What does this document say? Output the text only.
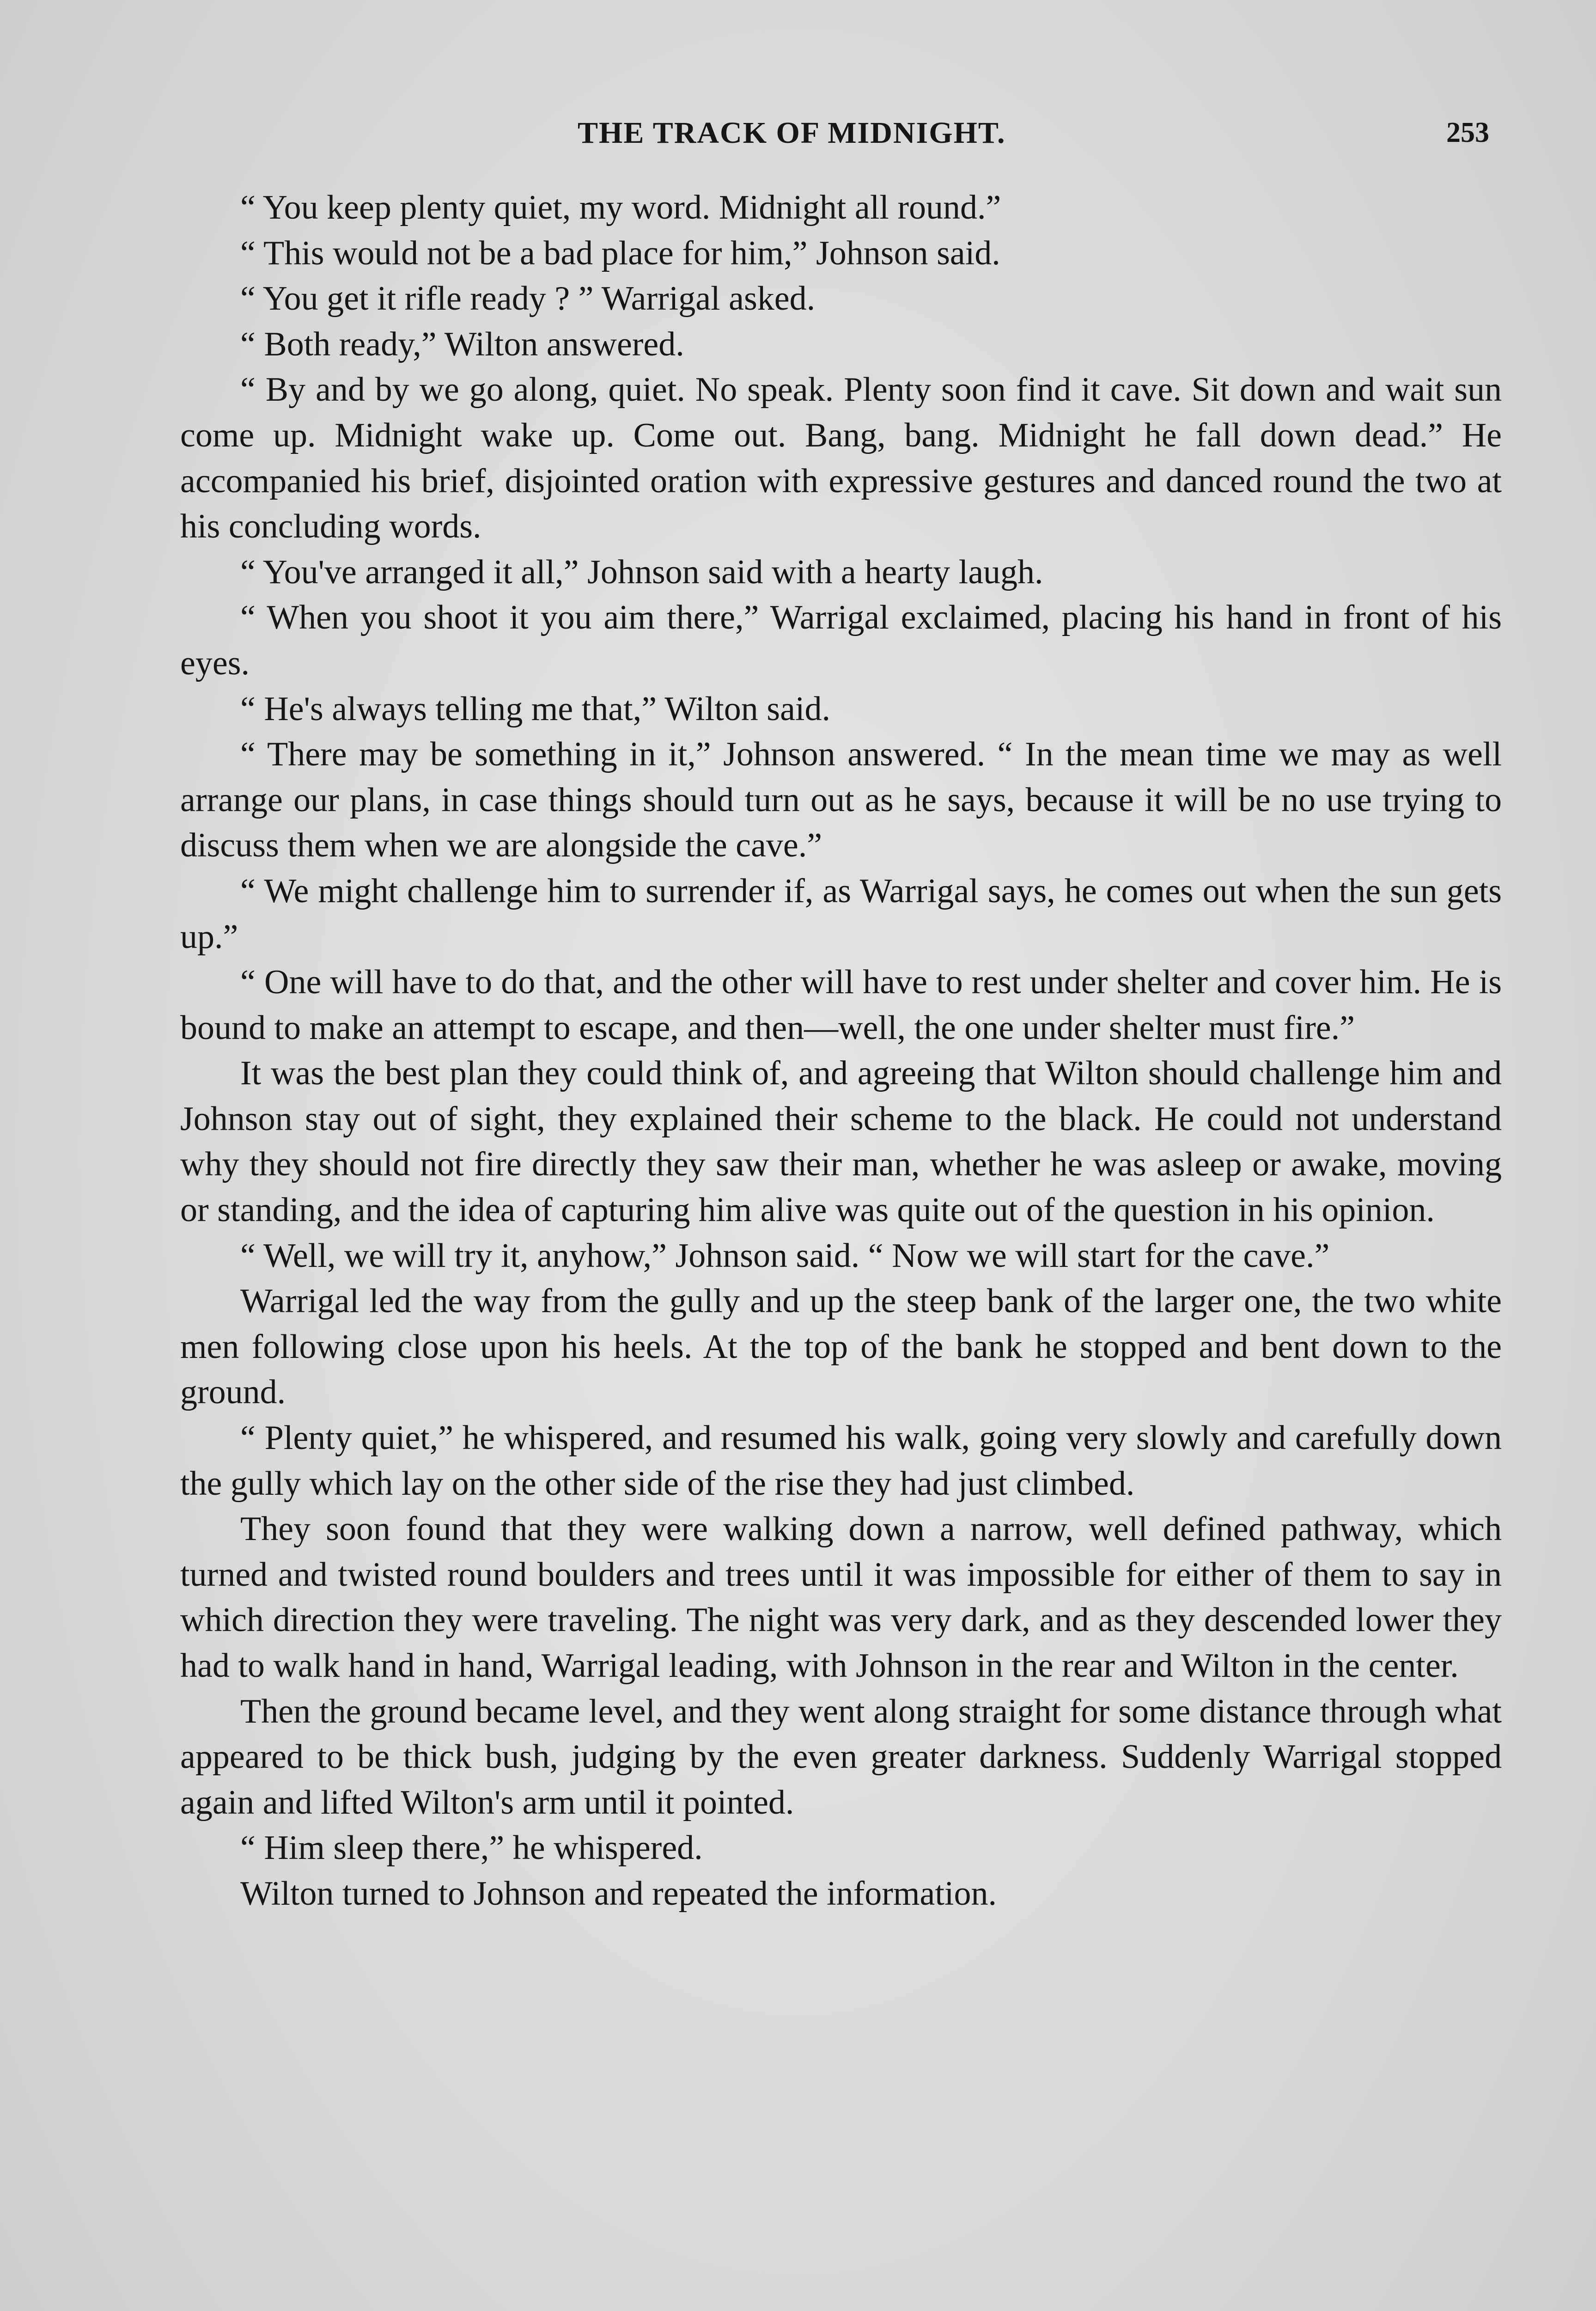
THE TRACK OF MIDNIGHT.	253

“ You keep plenty quiet, my word. Midnight all round.”

“ This would not be a bad place for him,” Johnson said.

“ You get it rifle ready ? ” Warrigal asked.

“ Both ready,” Wilton answered.

“ By and by we go along, quiet. No speak. Plenty soon find it cave. Sit down and wait sun come up. Midnight wake up. Come out. Bang, bang. Midnight he fall down dead.” He accompanied his brief, disjointed oration with expressive gestures and danced round the two at his concluding words.

“ You've arranged it all,” Johnson said with a hearty laugh.

“ When you shoot it you aim there,” Warrigal exclaimed, placing his hand in front of his eyes.

“ He's always telling me that,” Wilton said.

“ There may be something in it,” Johnson answered. “ In the mean time we may as well arrange our plans, in case things should turn out as he says, because it will be no use trying to discuss them when we are alongside the cave.”

“ We might challenge him to surrender if, as Warrigal says, he comes out when the sun gets up.”

“ One will have to do that, and the other will have to rest under shelter and cover him. He is bound to make an attempt to escape, and then—well, the one under shelter must fire.”

It was the best plan they could think of, and agreeing that Wilton should challenge him and Johnson stay out of sight, they explained their scheme to the black. He could not understand why they should not fire directly they saw their man, whether he was asleep or awake, moving or standing, and the idea of capturing him alive was quite out of the question in his opinion.

“ Well, we will try it, anyhow,” Johnson said. “ Now we will start for the cave.”

Warrigal led the way from the gully and up the steep bank of the larger one, the two white men following close upon his heels. At the top of the bank he stopped and bent down to the ground.

“ Plenty quiet,” he whispered, and resumed his walk, going very slowly and carefully down the gully which lay on the other side of the rise they had just climbed.

They soon found that they were walking down a narrow, well defined pathway, which turned and twisted round boulders and trees until it was impossible for either of them to say in which direction they were traveling. The night was very dark, and as they descended lower they had to walk hand in hand, Warrigal leading, with Johnson in the rear and Wilton in the center.

Then the ground became level, and they went along straight for some distance through what appeared to be thick bush, judging by the even greater darkness. Suddenly Warrigal stopped again and lifted Wilton's arm until it pointed.

“ Him sleep there,” he whispered.

Wilton turned to Johnson and repeated the information.
